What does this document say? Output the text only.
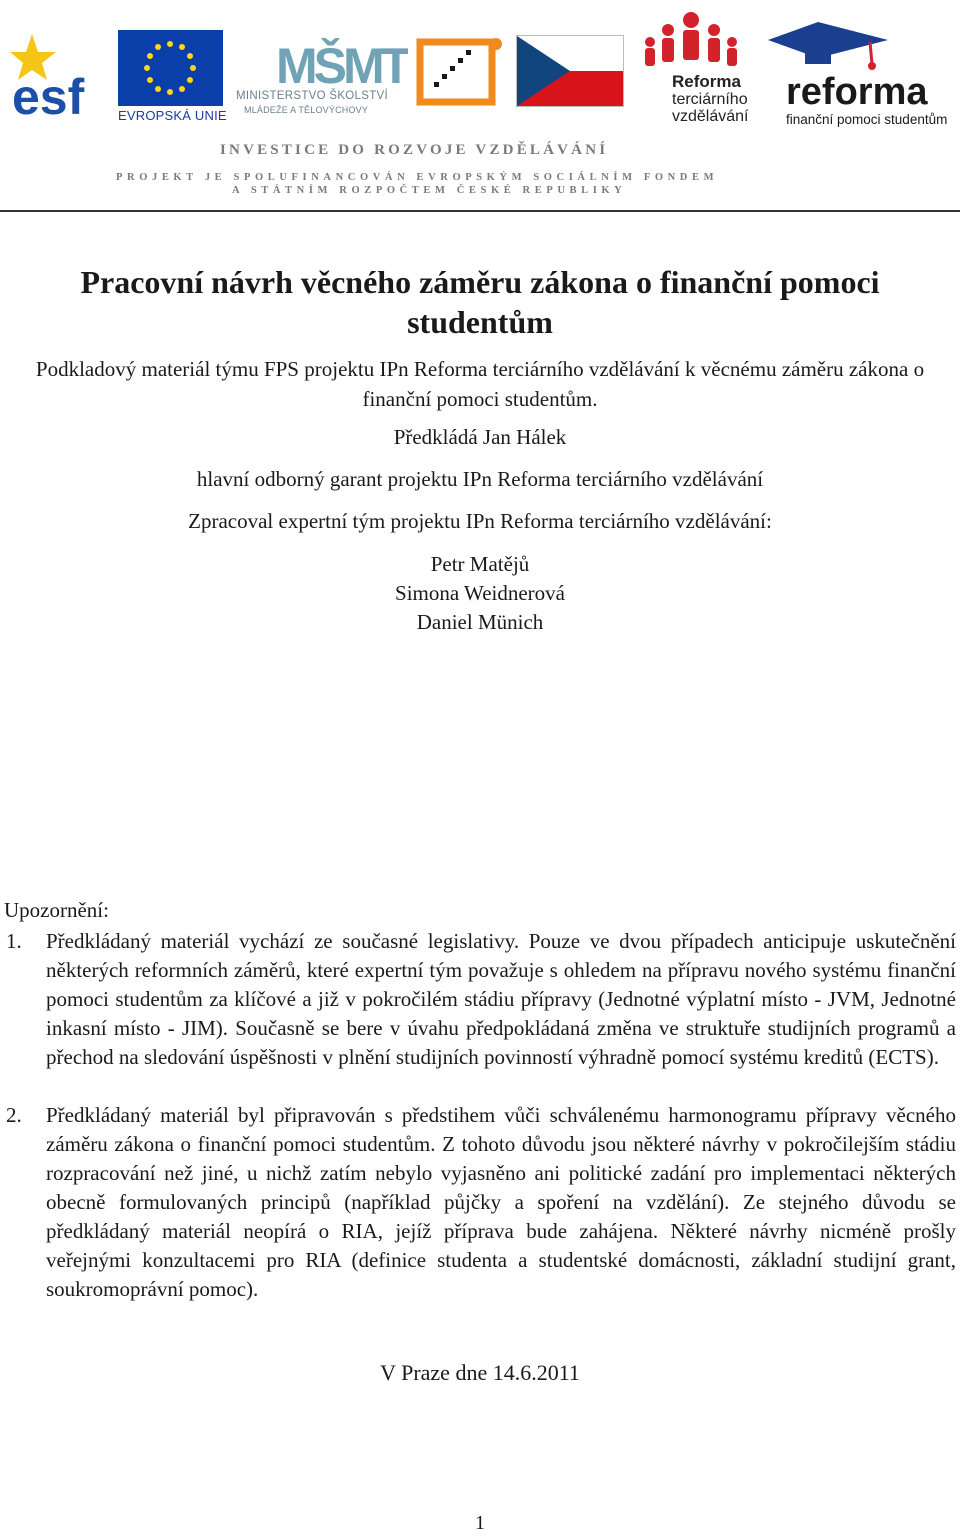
esf	EVROPSKÁ UNIE
MŠMT
MINISTERSTVO ŠKOLSTVÍ
MLÁDEŽE A TĚLOVÝCHOVY
Reforma
terciárního
vzdělávání
reforma
finanční pomoci studentům
INVESTICE DO ROZVOJE VZDĚLÁVÁNÍ
PROJEKT JE SPOLUFINANCOVÁN EVROPSKÝM SOCIÁLNÍM FONDEM
A STÁTNÍM ROZPOČTEM ČESKÉ REPUBLIKY
Pracovní návrh věcného záměru zákona o finanční pomoci studentům
Podkladový materiál týmu FPS projektu IPn Reforma terciárního vzdělávání k věcnému záměru zákona o finanční pomoci studentům.
Předkládá Jan Hálek
hlavní odborný garant projektu IPn Reforma terciárního vzdělávání
Zpracoval expertní tým projektu IPn Reforma terciárního vzdělávání:
Petr Matějů
Simona Weidnerová
Daniel Münich
Upozornění:
1. Předkládaný materiál vychází ze současné legislativy. Pouze ve dvou případech anticipuje uskutečnění některých reformních záměrů, které expertní tým považuje s ohledem na přípravu nového systému finanční pomoci studentům za klíčové a již v pokročilém stádiu přípravy (Jednotné výplatní místo - JVM, Jednotné inkasní místo - JIM). Současně se bere v úvahu předpokládaná změna ve struktuře studijních programů a přechod na sledování úspěšnosti v plnění studijních povinností výhradně pomocí systému kreditů (ECTS).
2. Předkládaný materiál byl připravován s předstihem vůči schválenému harmonogramu přípravy věcného záměru zákona o finanční pomoci studentům. Z tohoto důvodu jsou některé návrhy v pokročilejším stádiu rozpracování než jiné, u nichž zatím nebylo vyjasněno ani politické zadání pro implementaci některých obecně formulovaných principů (například půjčky a spoření na vzdělání). Ze stejného důvodu se předkládaný materiál neopírá o RIA, jejíž příprava bude zahájena. Některé návrhy nicméně prošly veřejnými konzultacemi pro RIA (definice studenta a studentské domácnosti, základní studijní grant, soukromoprávní pomoc).
V Praze dne 14.6.2011
1
